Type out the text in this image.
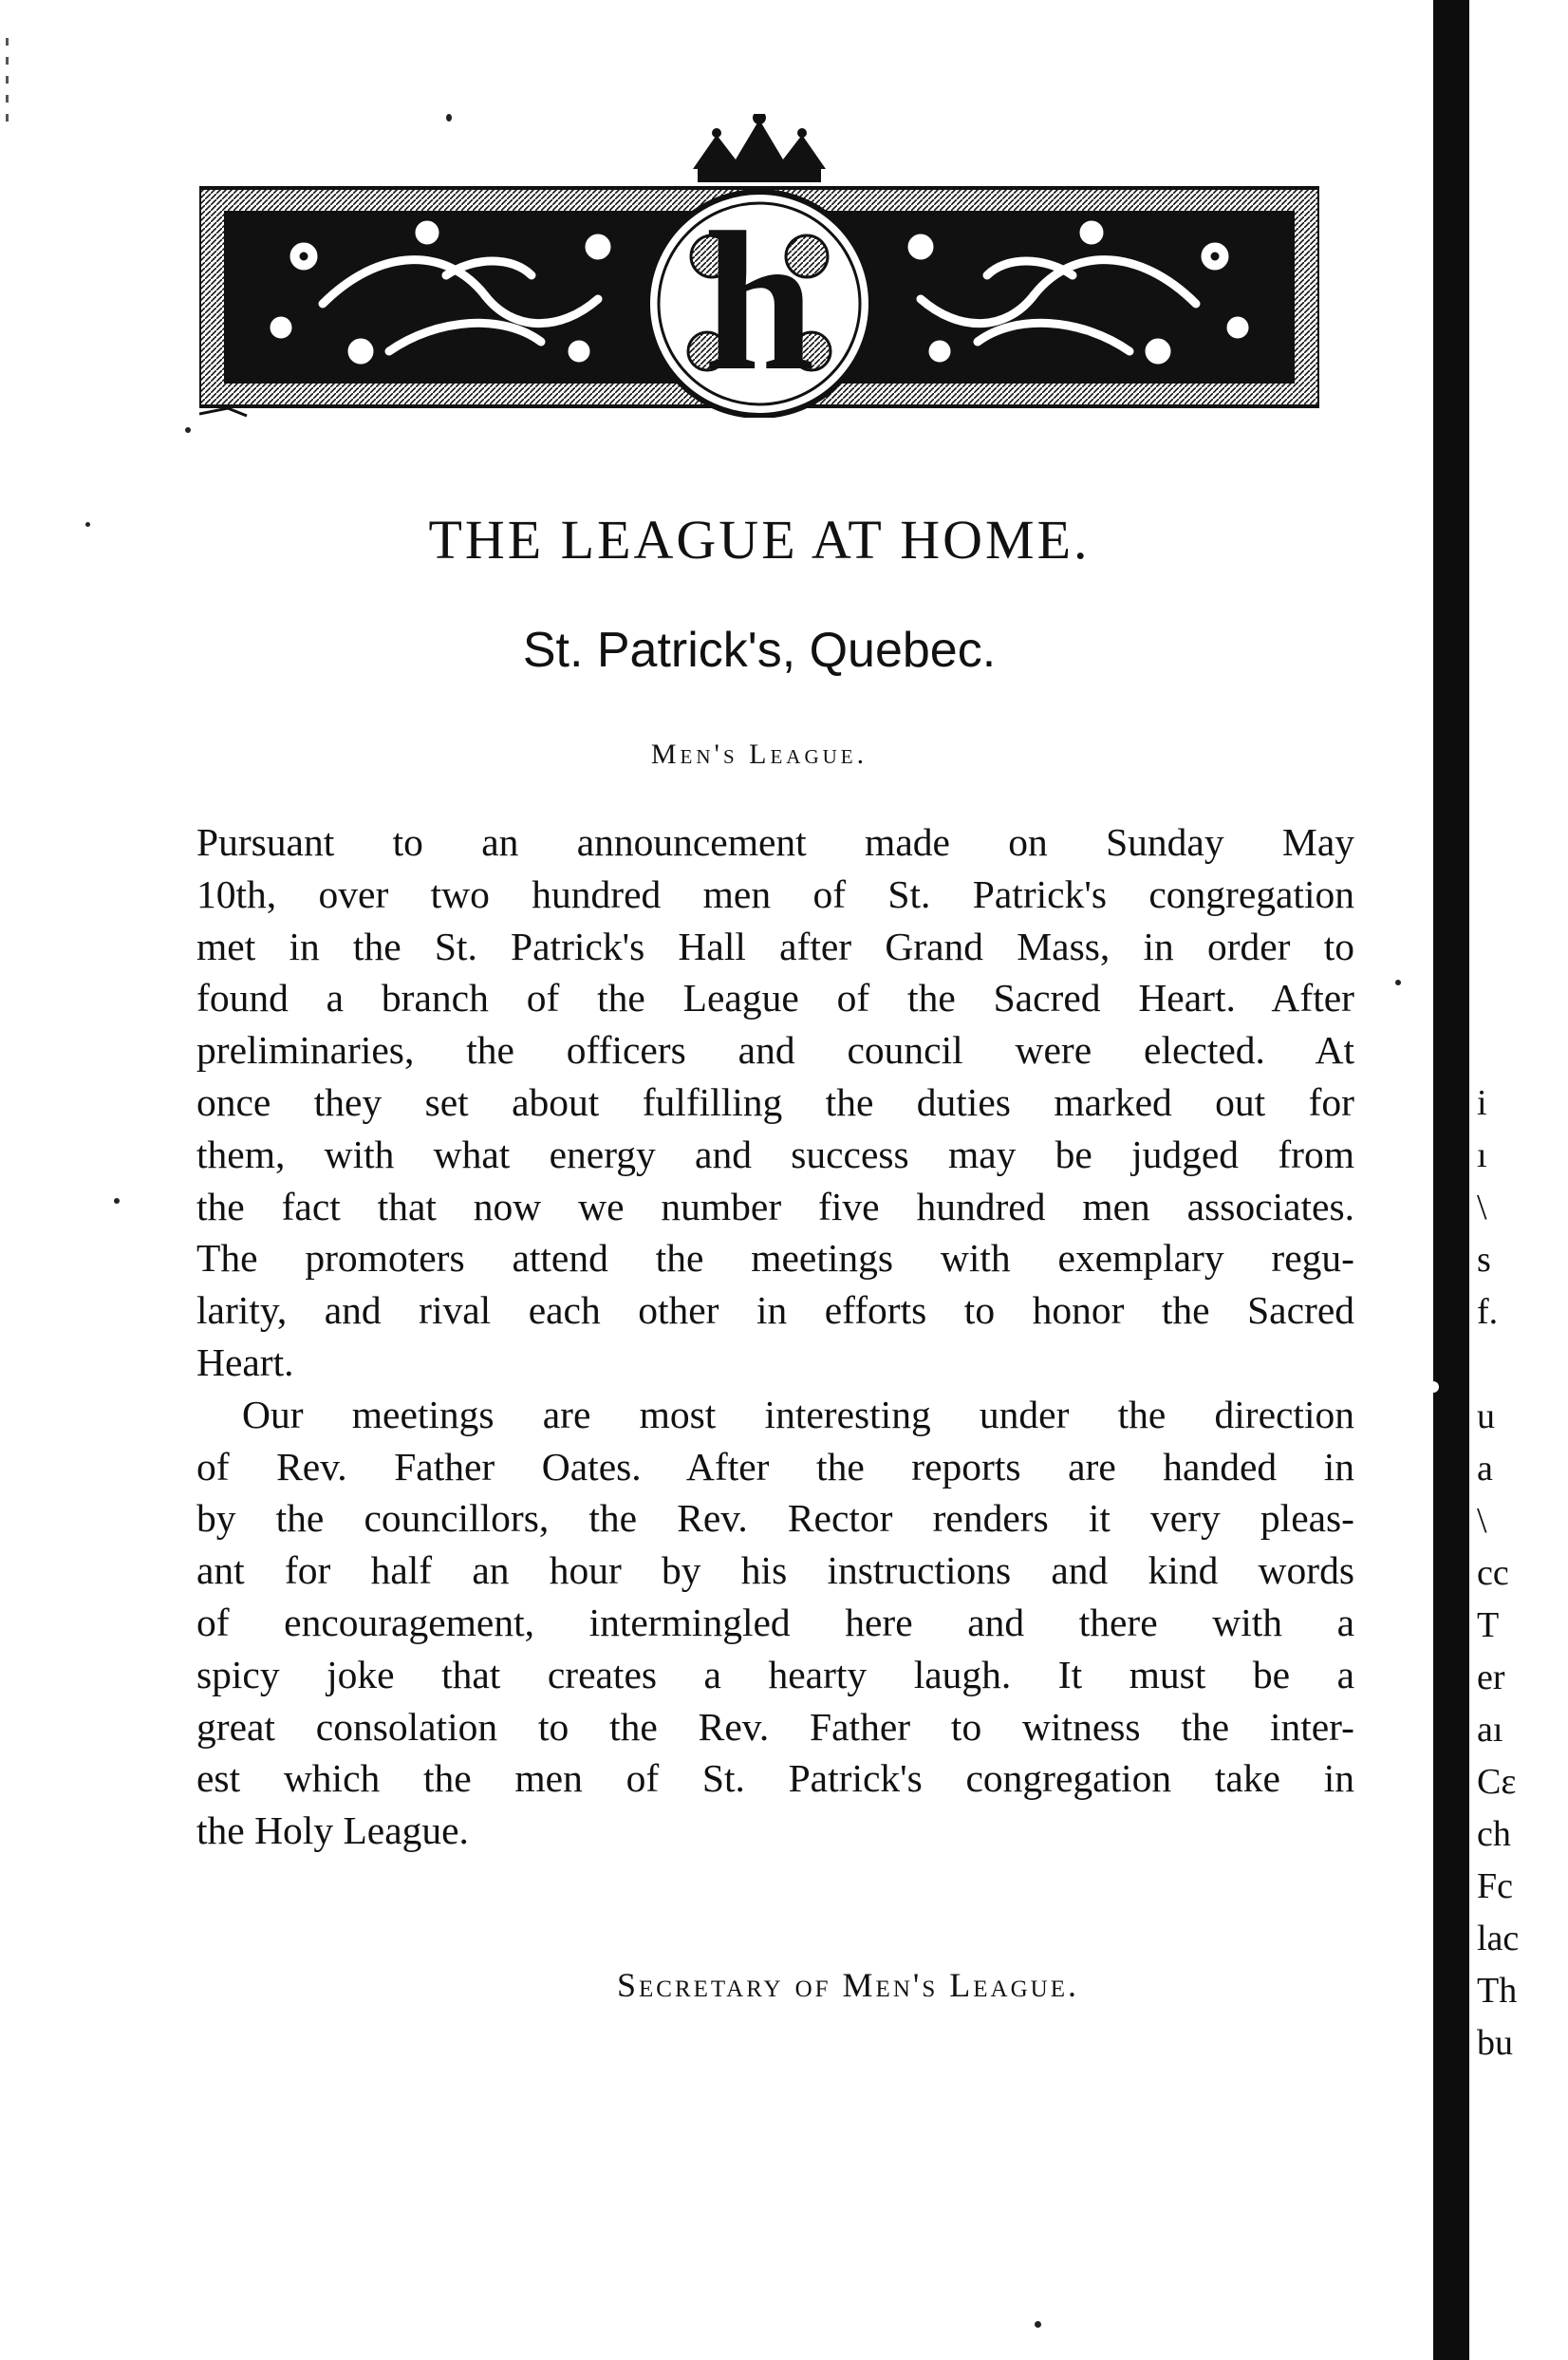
h
THE LEAGUE AT HOME.
St. Patrick's, Quebec.
Men's League.
Pursuant to an announcement made on Sunday May
10th, over two hundred men of St. Patrick's congregation
met in the St. Patrick's Hall after Grand Mass, in order to
found a branch of the League of the Sacred Heart. After
preliminaries, the officers and council were elected. At
once they set about fulfilling the duties marked out for
them, with what energy and success may be judged from
the fact that now we number five hundred men associates.
The promoters attend the meetings with exemplary regu-
larity, and rival each other in efforts to honor the Sacred
Heart.
Our meetings are most interesting under the direction
of Rev. Father Oates. After the reports are handed in
by the councillors, the Rev. Rector renders it very pleas-
ant for half an hour by his instructions and kind words
of encouragement, intermingled here and there with a
spicy joke that creates a hearty laugh. It must be a
great consolation to the Rev. Father to witness the inter-
est which the men of St. Patrick's congregation take in
the Holy League.
Secretary of Men's League.
i
ı
\
s
f.
u
a
\
cc
T
er
aı
Cε
ch
Fc
lac
Th
bu
